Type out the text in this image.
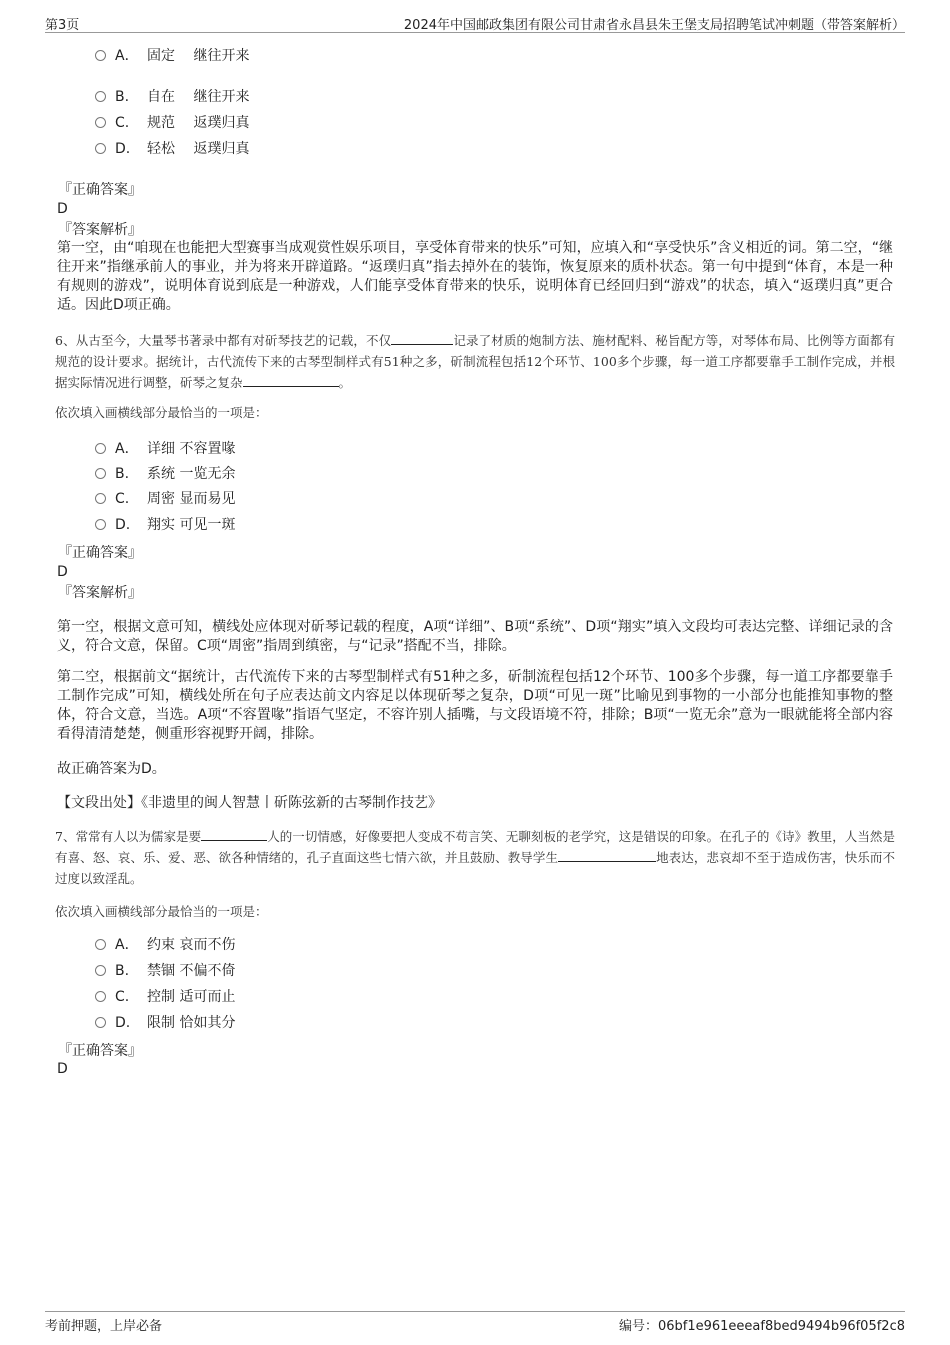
第3页	2024年中国邮政集团有限公司甘肃省永昌县朱王堡支局招聘笔试冲刺题（带答案解析）
A． 固定　 继往开来
B. 自在　 继往开来
C. 规范　 返璞归真
D. 轻松　 返璞归真
『正确答案』
D
『答案解析』
第一空，由“咱现在也能把大型赛事当成观赏性娱乐项目，享受体育带来的快乐”可知，应填入和“享受快乐”含义相近的词。第二空，“继往开来”指继承前人的事业，并为将来开辟道路。“返璞归真”指去掉外在的装饰，恢复原来的质朴状态。第一句中提到“体育，本是一种有规则的游戏”，说明体育说到底是一种游戏，人们能享受体育带来的快乐，说明体育已经回归到“游戏”的状态，填入“返璞归真”更合适。因此D项正确。
6、从古至今，大量琴书著录中都有对斫琴技艺的记载，不仅	记录了材质的炮制方法、施材配料、秘旨配方等，对琴体布局、比例等方面都有规范的设计要求。据统计，古代流传下来的古琴型制样式有51种之多，斫制流程包括12个环节、100多个步骤，每一道工序都要靠手工制作完成，并根据实际情况进行调整，斫琴之复杂	。
依次填入画横线部分最恰当的一项是：
A． 详细 不容置喙
B. 系统 一览无余
C. 周密 显而易见
D. 翔实 可见一斑
『正确答案』
D
『答案解析』
第一空，根据文意可知，横线处应体现对斫琴记载的程度，A项“详细”、B项“系统”、D项“翔实”填入文段均可表达完整、详细记录的含义，符合文意，保留。C项“周密”指周到缜密，与“记录”搭配不当，排除。
第二空，根据前文“据统计，古代流传下来的古琴型制样式有51种之多，斫制流程包括12个环节、100多个步骤，每一道工序都要靠手工制作完成”可知，横线处所在句子应表达前文内容足以体现斫琴之复杂，D项“可见一斑”比喻见到事物的一小部分也能推知事物的整体，符合文意，当选。A项“不容置喙”指语气坚定，不容许别人插嘴，与文段语境不符，排除；B项“一览无余”意为一眼就能将全部内容看得清清楚楚，侧重形容视野开阔，排除。
故正确答案为D。
【文段出处】《非遗里的闽人智慧丨斫陈弦新的古琴制作技艺》
7、常常有人以为儒家是要	人的一切情感，好像要把人变成不苟言笑、无聊刻板的老学究，这是错误的印象。在孔子的《诗》教里，人当然是有喜、怒、哀、乐、爱、恶、欲各种情绪的，孔子直面这些七情六欲，并且鼓励、教导学生	地表达，悲哀却不至于造成伤害，快乐而不过度以致淫乱。
依次填入画横线部分最恰当的一项是：
A． 约束 哀而不伤
B. 禁锢 不偏不倚
C. 控制 适可而止
D. 限制 恰如其分
『正确答案』
D
考前押题，上岸必备	编号：06bf1e961eeeaf8bed9494b96f05f2c8
